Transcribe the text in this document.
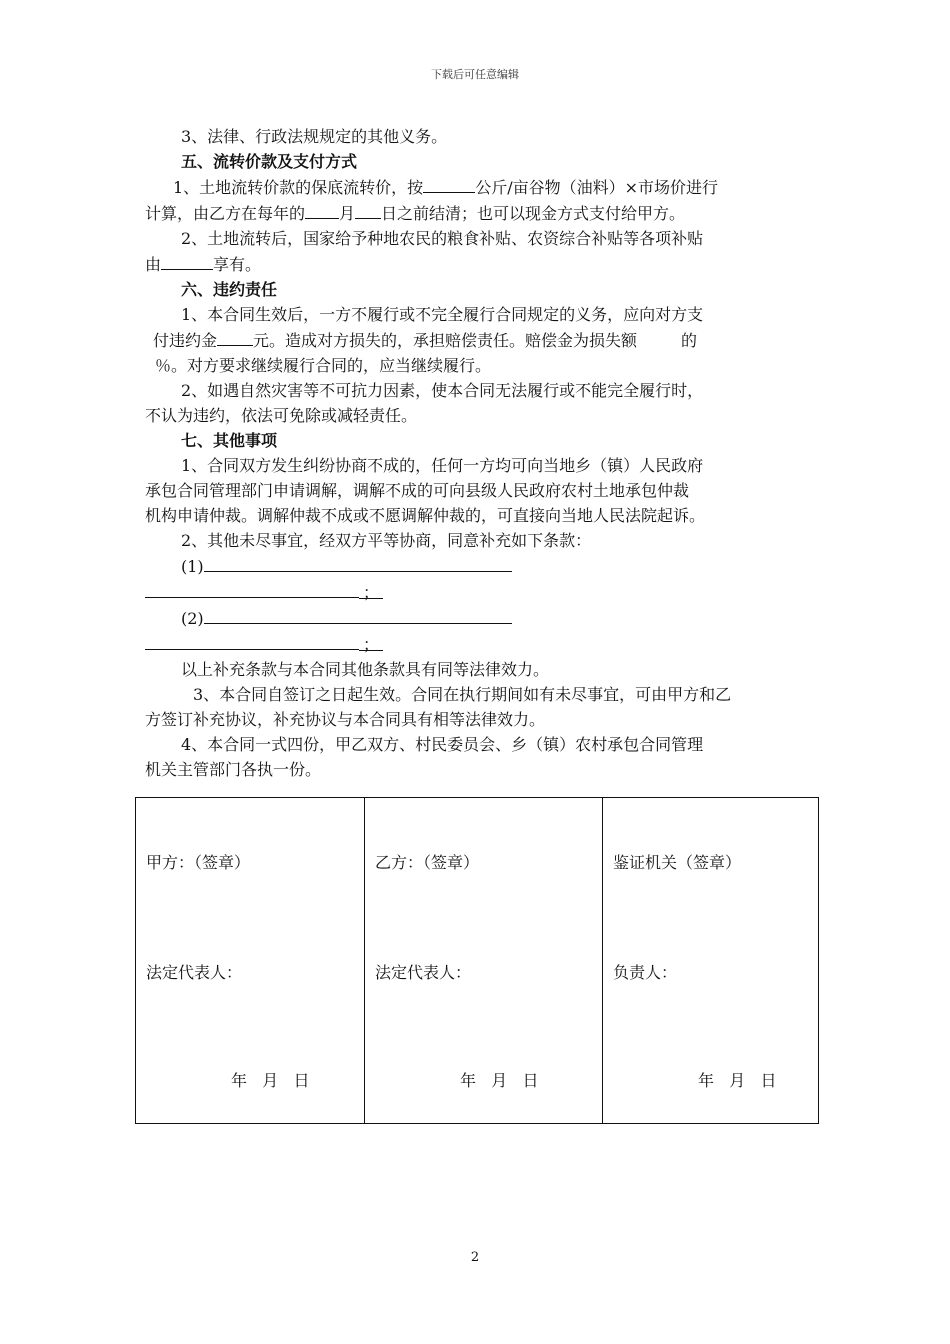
下载后可任意编辑
3、法律、行政法规规定的其他义务。
五、流转价款及支付方式
1、土地流转价款的保底流转价，按	公斤/亩谷物（油料）×市场价进行
计算，由乙方在每年的 月 日之前结清；也可以现金方式支付给甲方。
2、土地流转后，国家给予种地农民的粮食补贴、农资综合补贴等各项补贴
由	享有。
六、违约责任
1、本合同生效后，一方不履行或不完全履行合同规定的义务，应向对方支
付违约金 元。造成对方损失的，承担赔偿责任。赔偿金为损失额	的
％。对方要求继续履行合同的，应当继续履行。
2、如遇自然灾害等不可抗力因素，使本合同无法履行或不能完全履行时，
不认为违约，依法可免除或减轻责任。
七、其他事项
1、合同双方发生纠纷协商不成的，任何一方均可向当地乡（镇）人民政府
承包合同管理部门申请调解，调解不成的可向县级人民政府农村土地承包仲裁
机构申请仲裁。调解仲裁不成或不愿调解仲裁的，可直接向当地人民法院起诉。
2、其他未尽事宜，经双方平等协商，同意补充如下条款：
(1)
；
(2)
；
以上补充条款与本合同其他条款具有同等法律效力。
3、本合同自签订之日起生效。合同在执行期间如有未尽事宜，可由甲方和乙
方签订补充协议，补充协议与本合同具有相等法律效力。
4、本合同一式四份，甲乙双方、村民委员会、乡（镇）农村承包合同管理
机关主管部门各执一份。
甲方：（签章）
法定代表人：
年   月   日

乙方：（签章）
法定代表人：
年   月   日

鉴证机关（签章）
负责人：
年   月   日
2
